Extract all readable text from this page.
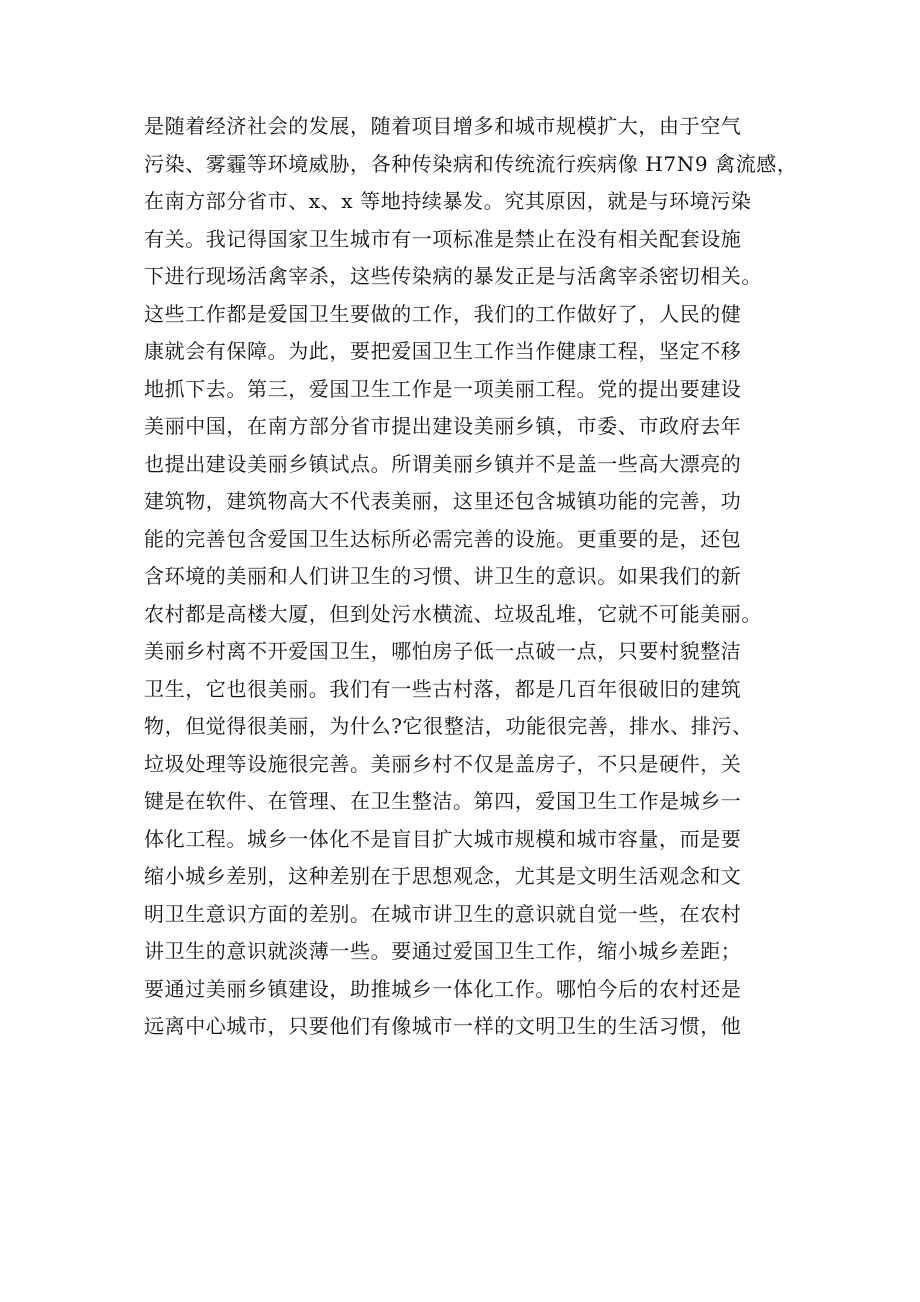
是随着经济社会的发展，随着项目增多和城市规模扩大，由于空气
污染、雾霾等环境威胁，各种传染病和传统流行疾病像 H7N9 禽流感，
在南方部分省市、x、x 等地持续暴发。究其原因，就是与环境污染
有关。我记得国家卫生城市有一项标准是禁止在没有相关配套设施
下进行现场活禽宰杀，这些传染病的暴发正是与活禽宰杀密切相关。
这些工作都是爱国卫生要做的工作，我们的工作做好了，人民的健
康就会有保障。为此，要把爱国卫生工作当作健康工程，坚定不移
地抓下去。第三，爱国卫生工作是一项美丽工程。党的提出要建设
美丽中国，在南方部分省市提出建设美丽乡镇，市委、市政府去年
也提出建设美丽乡镇试点。所谓美丽乡镇并不是盖一些高大漂亮的
建筑物，建筑物高大不代表美丽，这里还包含城镇功能的完善，功
能的完善包含爱国卫生达标所必需完善的设施。更重要的是，还包
含环境的美丽和人们讲卫生的习惯、讲卫生的意识。如果我们的新
农村都是高楼大厦，但到处污水横流、垃圾乱堆，它就不可能美丽。
美丽乡村离不开爱国卫生，哪怕房子低一点破一点，只要村貌整洁
卫生，它也很美丽。我们有一些古村落，都是几百年很破旧的建筑
物，但觉得很美丽，为什么?它很整洁，功能很完善，排水、排污、
垃圾处理等设施很完善。美丽乡村不仅是盖房子，不只是硬件，关
键是在软件、在管理、在卫生整洁。第四，爱国卫生工作是城乡一
体化工程。城乡一体化不是盲目扩大城市规模和城市容量，而是要
缩小城乡差别，这种差别在于思想观念，尤其是文明生活观念和文
明卫生意识方面的差别。在城市讲卫生的意识就自觉一些，在农村
讲卫生的意识就淡薄一些。要通过爱国卫生工作，缩小城乡差距；
要通过美丽乡镇建设，助推城乡一体化工作。哪怕今后的农村还是
远离中心城市，只要他们有像城市一样的文明卫生的生活习惯，他
